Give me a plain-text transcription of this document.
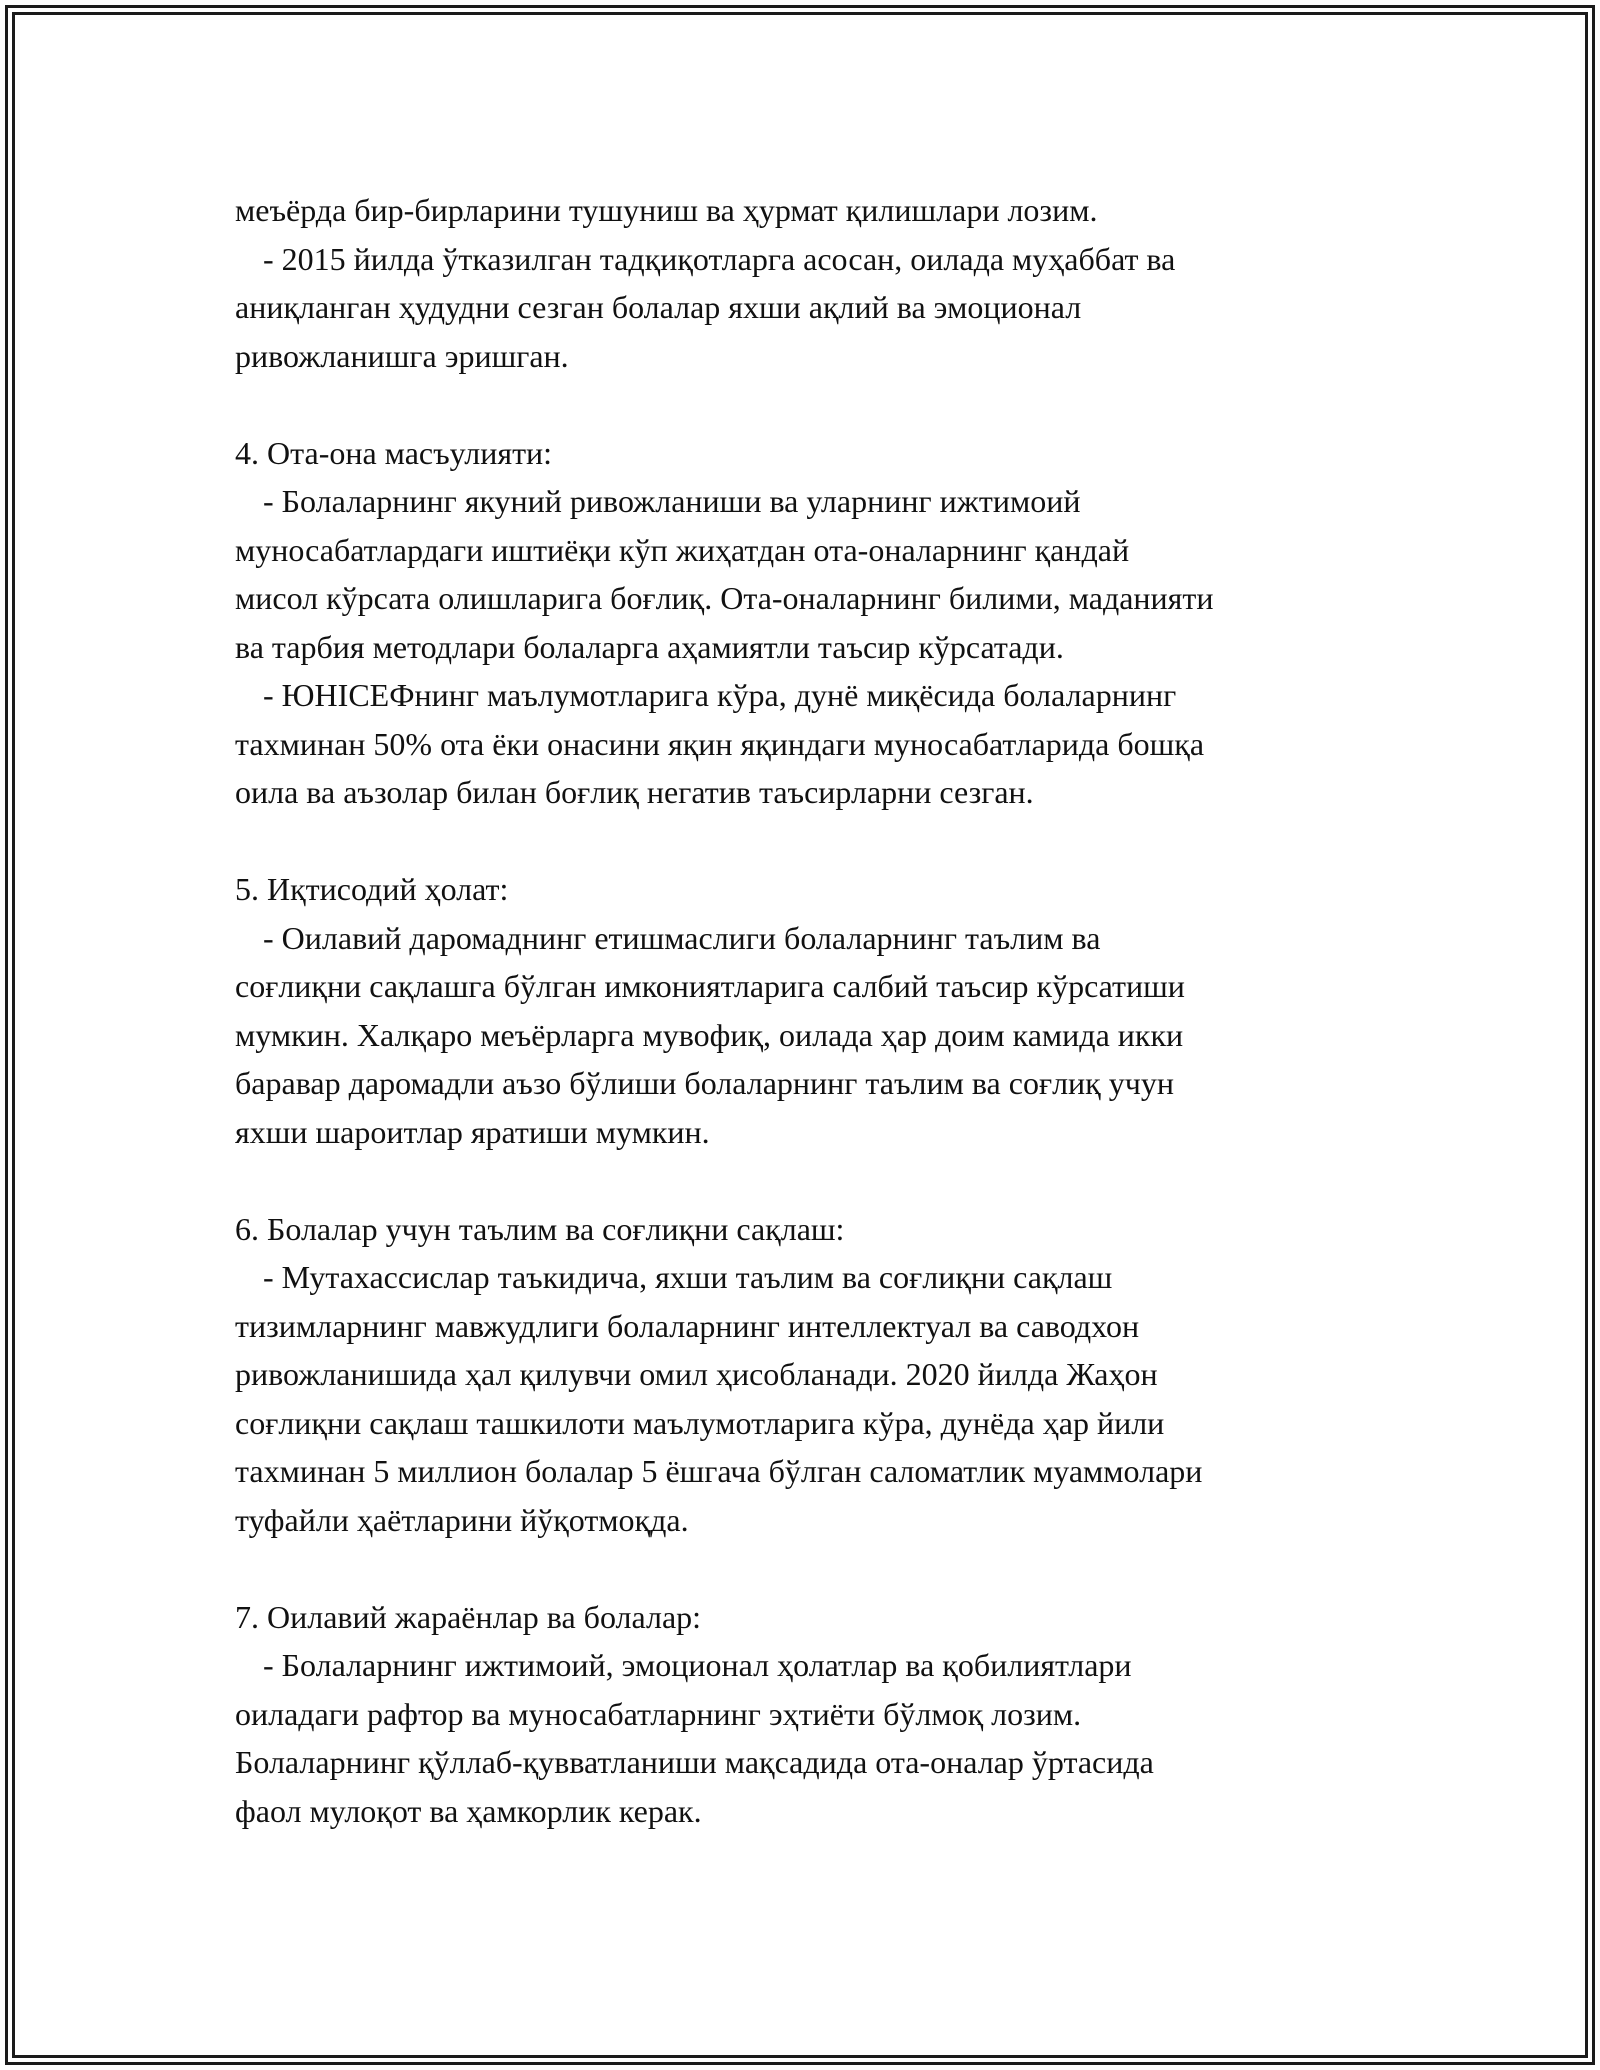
меъёрда бир-бирларини тушуниш ва ҳурмат қилишлари лозим.
- 2015 йилда ўтказилган тадқиқотларга асосан, оилада муҳаббат ва
аниқланган ҳудудни сезган болалар яхши ақлий ва эмоционал
ривожланишга эришган.
4. Ота-она масъулияти:
- Болаларнинг якуний ривожланиши ва уларнинг ижтимоий
муносабатлардаги иштиёқи кўп жиҳатдан ота-оналарнинг қандай
мисол кўрсата олишларига боғлиқ. Ота-оналарнинг билими, маданияти
ва тарбия методлари болаларга аҳамиятли таъсир кўрсатади.
- ЮНІСЕФнинг маълумотларига кўра, дунё миқёсида болаларнинг
тахминан 50% ота ёки онасини яқин яқиндаги муносабатларида бошқа
оила ва аъзолар билан боғлиқ негатив таъсирларни сезган.
5. Иқтисодий ҳолат:
- Оилавий даромаднинг етишмаслиги болаларнинг таълим ва
соғлиқни сақлашга бўлган имкониятларига салбий таъсир кўрсатиши
мумкин. Халқаро меъёрларга мувофиқ, оилада ҳар доим камида икки
баравар даромадли аъзо бўлиши болаларнинг таълим ва соғлиқ учун
яхши шароитлар яратиши мумкин.
6. Болалар учун таълим ва соғлиқни сақлаш:
- Мутахассислар таъкидича, яхши таълим ва соғлиқни сақлаш
тизимларнинг мавжудлиги болаларнинг интеллектуал ва саводхон
ривожланишида ҳал қилувчи омил ҳисобланади. 2020 йилда Жаҳон
соғлиқни сақлаш ташкилоти маълумотларига кўра, дунёда ҳар йили
тахминан 5 миллион болалар 5 ёшгача бўлган саломатлик муаммолари
туфайли ҳаётларини йўқотмоқда.
7. Оилавий жараёнлар ва болалар:
- Болаларнинг ижтимоий, эмоционал ҳолатлар ва қобилиятлари
оиладаги рафтор ва муносабатларнинг эҳтиёти бўлмоқ лозим.
Болаларнинг қўллаб-қувватланиши мақсадида ота-оналар ўртасида
фаол мулоқот ва ҳамкорлик керак.
